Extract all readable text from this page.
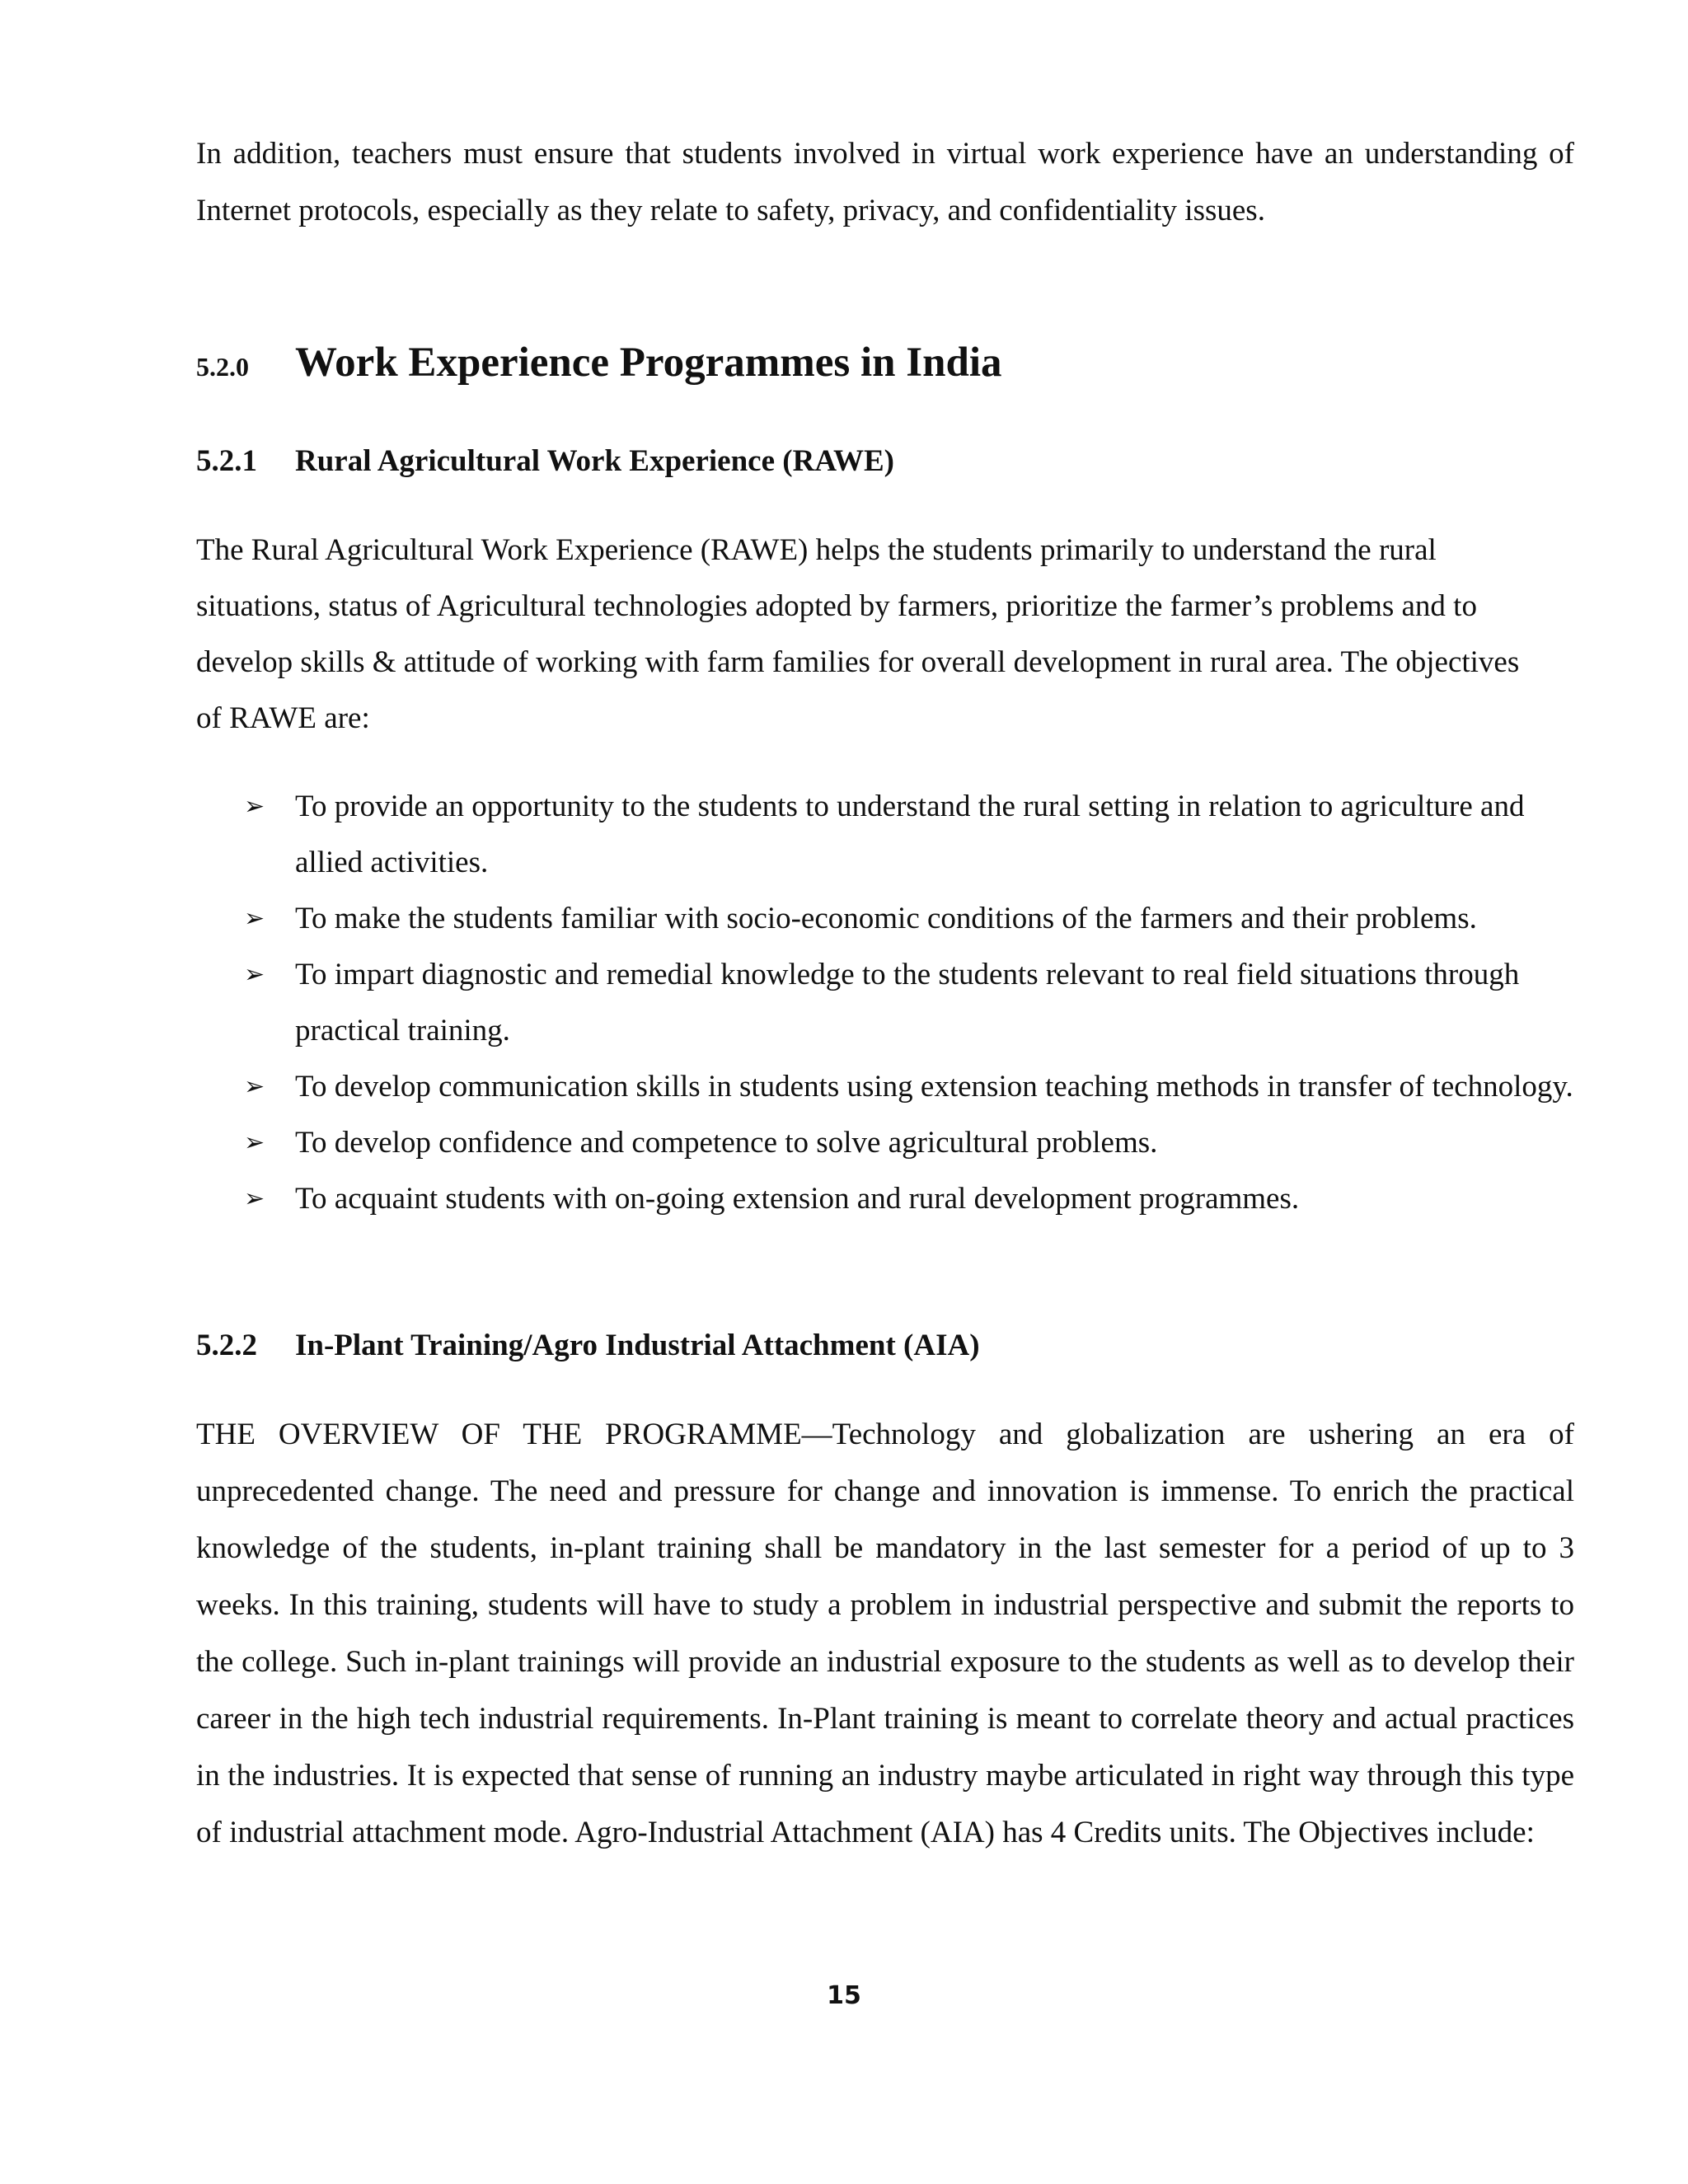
In addition, teachers must ensure that students involved in virtual work experience have an understanding of Internet protocols, especially as they relate to safety, privacy, and confidentiality issues.

5.2.0 Work Experience Programmes in India
5.2.1 Rural Agricultural Work Experience (RAWE)

The Rural Agricultural Work Experience (RAWE) helps the students primarily to understand the rural situations, status of Agricultural technologies adopted by farmers, prioritize the farmer’s problems and to develop skills & attitude of working with farm families for overall development in rural area. The objectives of RAWE are:

➢ To provide an opportunity to the students to understand the rural setting in relation to agriculture and allied activities.
➢ To make the students familiar with socio-economic conditions of the farmers and their problems.
➢ To impart diagnostic and remedial knowledge to the students relevant to real field situations through practical training.
➢ To develop communication skills in students using extension teaching methods in transfer of technology.
➢ To develop confidence and competence to solve agricultural problems.
➢ To acquaint students with on-going extension and rural development programmes.
5.2.2 In-Plant Training/Agro Industrial Attachment (AIA)

THE OVERVIEW OF THE PROGRAMME—Technology and globalization are ushering an era of unprecedented change. The need and pressure for change and innovation is immense. To enrich the practical knowledge of the students, in-plant training shall be mandatory in the last semester for a period of up to 3 weeks. In this training, students will have to study a problem in industrial perspective and submit the reports to the college. Such in-plant trainings will provide an industrial exposure to the students as well as to develop their career in the high tech industrial requirements. In-Plant training is meant to correlate theory and actual practices in the industries. It is expected that sense of running an industry maybe articulated in right way through this type of industrial attachment mode. Agro-Industrial Attachment (AIA) has 4 Credits units. The Objectives include:

15
